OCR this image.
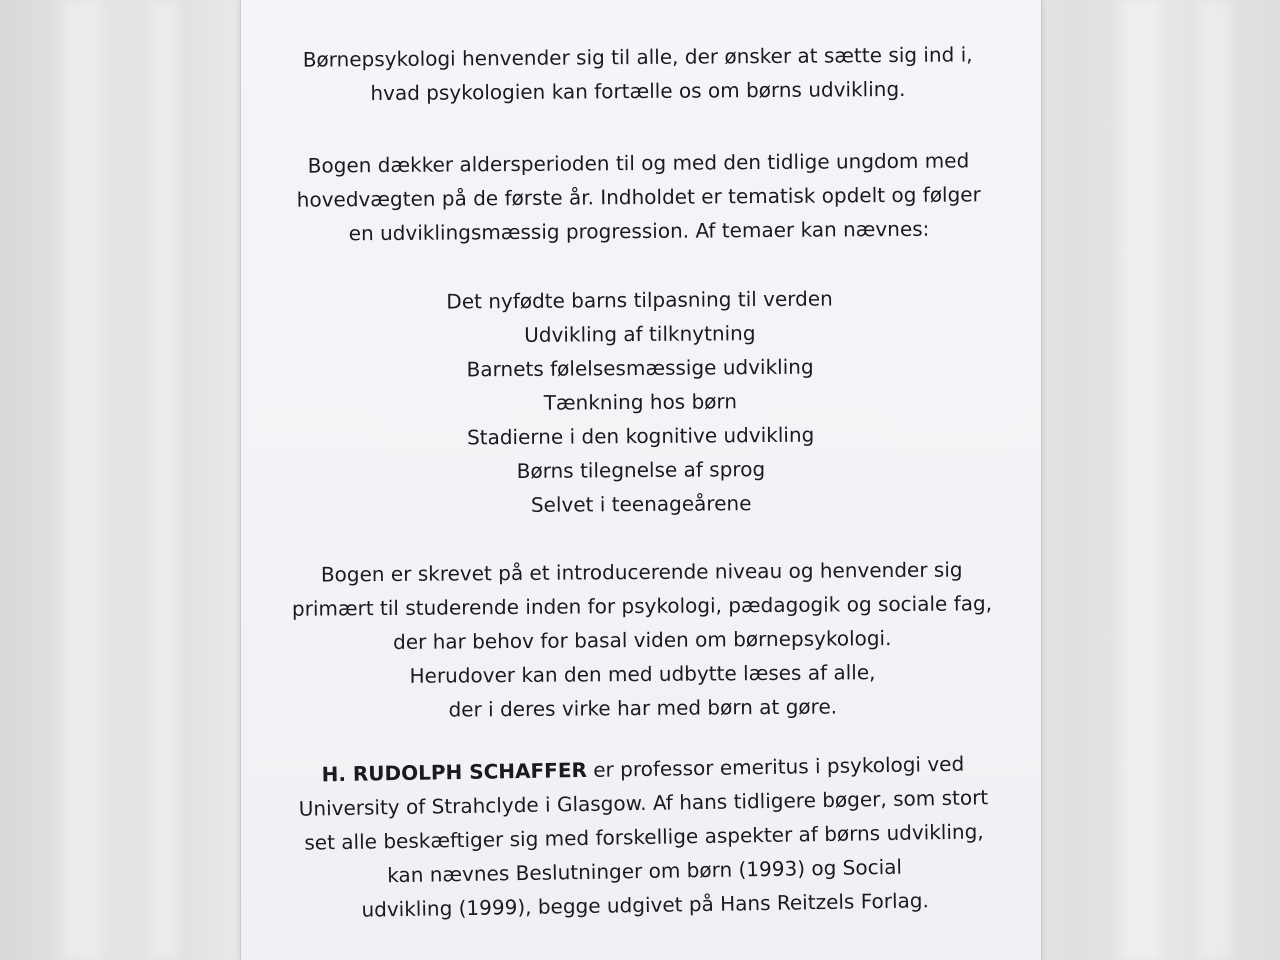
Børnepsykologi henvender sig til alle, der ønsker at sætte sig ind i,
hvad psykologien kan fortælle os om børns udvikling.
Bogen dækker aldersperioden til og med den tidlige ungdom med
hovedvægten på de første år. Indholdet er tematisk opdelt og følger
en udviklingsmæssig progression. Af temaer kan nævnes:
Det nyfødte barns tilpasning til verden
Udvikling af tilknytning
Barnets følelsesmæssige udvikling
Tænkning hos børn
Stadierne i den kognitive udvikling
Børns tilegnelse af sprog
Selvet i teenageårene
Bogen er skrevet på et introducerende niveau og henvender sig
primært til studerende inden for psykologi, pædagogik og sociale fag,
der har behov for basal viden om børnepsykologi.
Herudover kan den med udbytte læses af alle,
der i deres virke har med børn at gøre.
H. RUDOLPH SCHAFFER er professor emeritus i psykologi ved
University of Strahclyde i Glasgow. Af hans tidligere bøger, som stort
set alle beskæftiger sig med forskellige aspekter af børns udvikling,
kan nævnes Beslutninger om børn (1993) og Social
udvikling (1999), begge udgivet på Hans Reitzels Forlag.
